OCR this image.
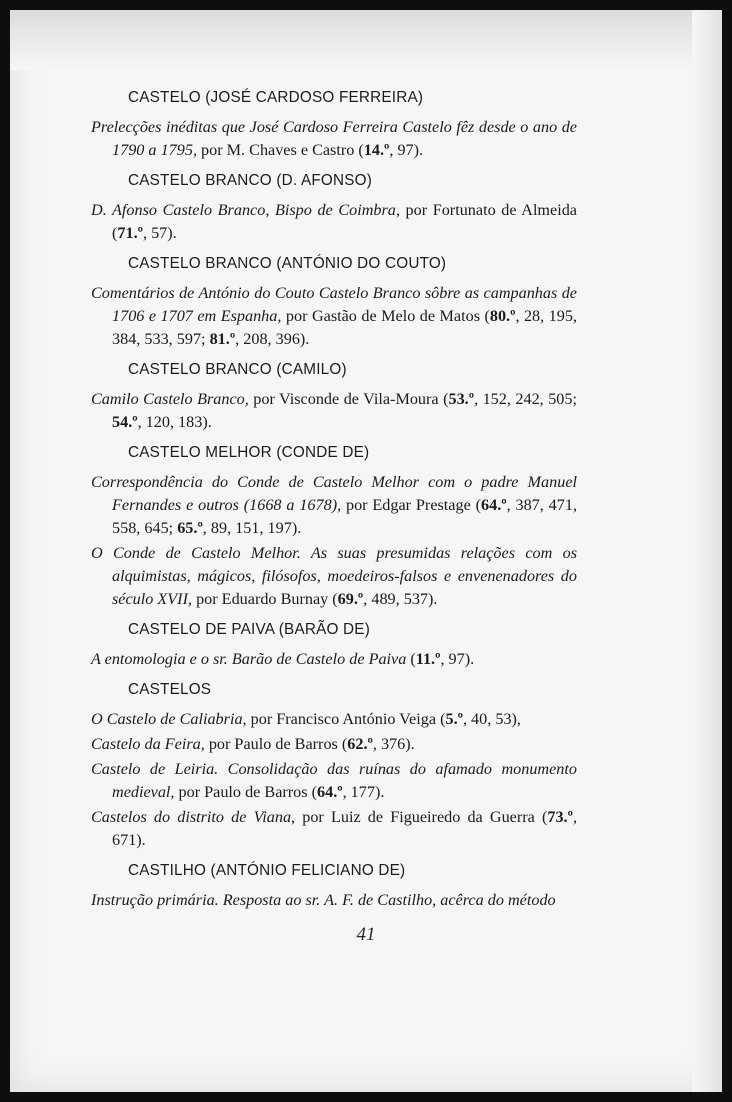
CASTELO (JOSÉ CARDOSO FERREIRA)

Prelecções inéditas que José Cardoso Ferreira Castelo fêz desde o ano de 1790 a 1795, por M. Chaves e Castro (14.º, 97).

CASTELO BRANCO (D. AFONSO)

D. Afonso Castelo Branco, Bispo de Coimbra, por Fortunato de Almeida (71.º, 57).

CASTELO BRANCO (ANTÓNIO DO COUTO)

Comentários de António do Couto Castelo Branco sôbre as campanhas de 1706 e 1707 em Espanha, por Gastão de Melo de Matos (80.º, 28, 195, 384, 533, 597; 81.º, 208, 396).

CASTELO BRANCO (CAMILO)

Camilo Castelo Branco, por Visconde de Vila-Moura (53.º, 152, 242, 505; 54.º, 120, 183).

CASTELO MELHOR (CONDE DE)

Correspondência do Conde de Castelo Melhor com o padre Manuel Fernandes e outros (1668 a 1678), por Edgar Prestage (64.º, 387, 471, 558, 645; 65.º, 89, 151, 197).

O Conde de Castelo Melhor. As suas presumidas relações com os alquimistas, mágicos, filósofos, moedeiros-falsos e envenenadores do século XVII, por Eduardo Burnay (69.º, 489, 537).

CASTELO DE PAIVA (BARÃO DE)

A entomologia e o sr. Barão de Castelo de Paiva (11.º, 97).

CASTELOS

O Castelo de Caliabria, por Francisco António Veiga (5.º, 40, 53),

Castelo da Feira, por Paulo de Barros (62.º, 376).

Castelo de Leiria. Consolidação das ruínas do afamado monumento medieval, por Paulo de Barros (64.º, 177).

Castelos do distrito de Viana, por Luiz de Figueiredo da Guerra (73.º, 671).

CASTILHO (ANTÓNIO FELICIANO DE)

Instrução primária. Resposta ao sr. A. F. de Castilho, acêrca do método

41
